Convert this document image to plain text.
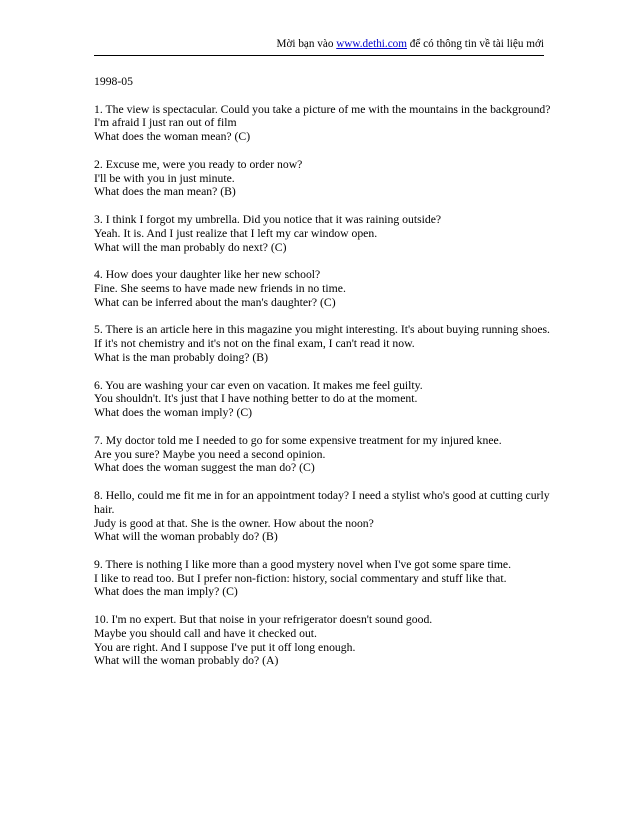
Mời bạn vào www.dethi.com để có thông tin về tài liệu mới
1998-05
1. The view is spectacular. Could you take a picture of me with the mountains in the background?
I'm afraid I just ran out of film
What does the woman mean? (C)
2. Excuse me, were you ready to order now?
I'll be with you in just minute.
What does the man mean? (B)
3. I think I forgot my umbrella. Did you notice that it was raining outside?
Yeah. It is. And I just realize that I left my car window open.
What will the man probably do next? (C)
4. How does your daughter like her new school?
Fine. She seems to have made new friends in no time.
What can be inferred about the man's daughter? (C)
5. There is an article here in this magazine you might interesting. It's about buying running shoes.
If it's not chemistry and it's not on the final exam, I can't read it now.
What is the man probably doing? (B)
6. You are washing your car even on vacation. It makes me feel guilty.
You shouldn't. It's just that I have nothing better to do at the moment.
What does the woman imply? (C)
7. My doctor told me I needed to go for some expensive treatment for my injured knee.
Are you sure? Maybe you need a second opinion.
What does the woman suggest the man do? (C)
8. Hello, could me fit me in for an appointment today? I need a stylist who's good at cutting curly hair.
Judy is good at that. She is the owner. How about the noon?
What will the woman probably do? (B)
9. There is nothing I like more than a good mystery novel when I've got some spare time.
I like to read too. But I prefer non-fiction: history, social commentary and stuff like that.
What does the man imply? (C)
10. I'm no expert. But that noise in your refrigerator doesn't sound good.
Maybe you should call and have it checked out.
You are right. And I suppose I've put it off long enough.
What will the woman probably do? (A)
